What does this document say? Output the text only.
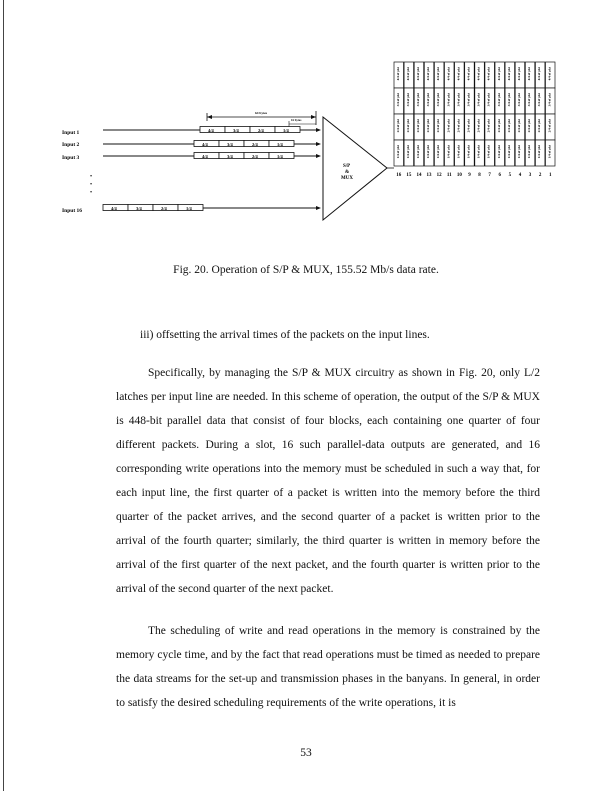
Input 1
Input 2
Input 3
Input 16
•
•
•
64 bytes
16 bytes
4/4	3/4	2/4	1/4
4/4	3/4	2/4	1/4
4/4	3/4	2/4	1/4
4/4	3/4	2/4	1/4
S/P
&
MUX
4/4 of pkt
3/4 of pkt
2/4 of pkt
1/4 of pkt
4/4 of pkt
3/4 of pkt
2/4 of pkt
1/4 of pkt
4/4 of pkt
3/4 of pkt
2/4 of pkt
1/4 of pkt
4/4 of pkt
3/4 of pkt
2/4 of pkt
1/4 of pkt
4/4 of pkt
3/4 of pkt
2/4 of pkt
1/4 of pkt
4/4 of pkt
3/4 of pkt
2/4 of pkt
1/4 of pkt
4/4 of pkt
3/4 of pkt
2/4 of pkt
1/4 of pkt
4/4 of pkt
3/4 of pkt
2/4 of pkt
1/4 of pkt
4/4 of pkt
3/4 of pkt
2/4 of pkt
1/4 of pkt
4/4 of pkt
3/4 of pkt
2/4 of pkt
1/4 of pkt
4/4 of pkt
3/4 of pkt
2/4 of pkt
1/4 of pkt
4/4 of pkt
3/4 of pkt
2/4 of pkt
1/4 of pkt
4/4 of pkt
3/4 of pkt
2/4 of pkt
1/4 of pkt
4/4 of pkt
3/4 of pkt
2/4 of pkt
1/4 of pkt
4/4 of pkt
3/4 of pkt
2/4 of pkt
1/4 of pkt
4/4 of pkt
3/4 of pkt
2/4 of pkt
1/4 of pkt
16 15 14 13 12 11 10 9 8 7 6 5 4 3 2 1
Fig. 20. Operation of S/P & MUX, 155.52 Mb/s data rate.
iii) offsetting the arrival times of the packets on the input lines.

Specifically, by managing the S/P & MUX circuitry as shown in Fig. 20, only L/2 latches per input line are needed. In this scheme of operation, the output of the S/P & MUX is 448-bit parallel data that consist of four blocks, each containing one quarter of four different packets. During a slot, 16 such parallel-data outputs are generated, and 16 corresponding write operations into the memory must be scheduled in such a way that, for each input line, the first quarter of a packet is written into the memory before the third quarter of the packet arrives, and the second quarter of a packet is written prior to the arrival of the fourth quarter; similarly, the third quarter is written in memory before the arrival of the first quarter of the next packet, and the fourth quarter is written prior to the arrival of the second quarter of the next packet.

The scheduling of write and read operations in the memory is constrained by the memory cycle time, and by the fact that read operations must be timed as needed to prepare the data streams for the set-up and transmission phases in the banyans. In general, in order to satisfy the desired scheduling requirements of the write operations, it is

53
